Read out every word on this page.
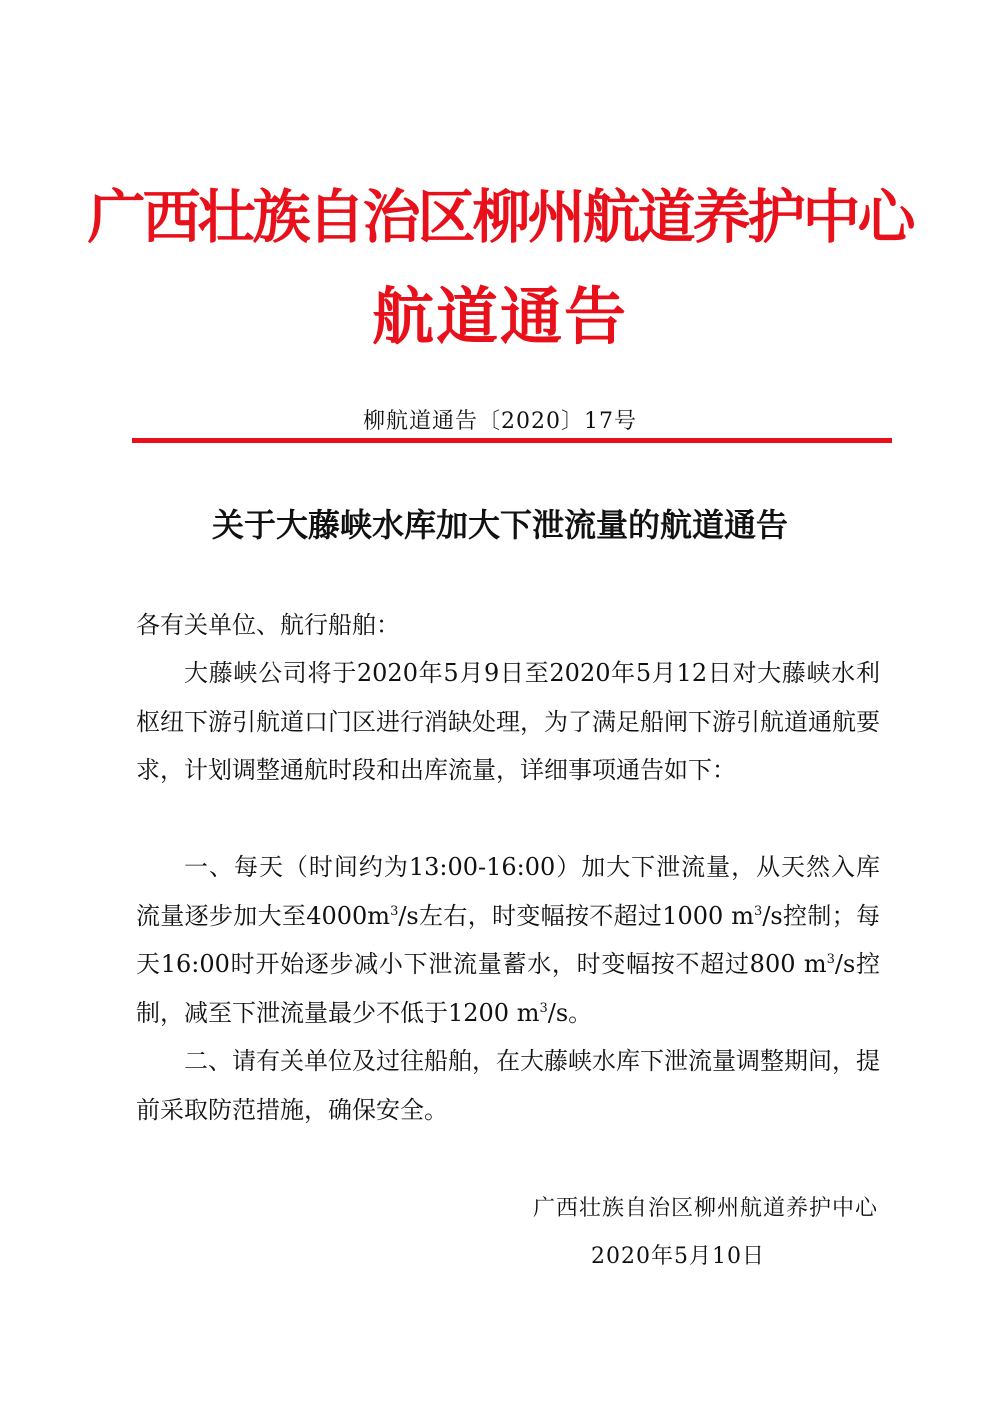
广西壮族自治区柳州航道养护中心
航道通告
柳航道通告〔2020〕17号
关于大藤峡水库加大下泄流量的航道通告
各有关单位、航行船舶：
大藤峡公司将于2020年5月9日至2020年5月12日对大藤峡水利枢纽下游引航道口门区进行消缺处理，为了满足船闸下游引航道通航要求，计划调整通航时段和出库流量，详细事项通告如下：
一、每天（时间约为13:00-16:00）加大下泄流量，从天然入库流量逐步加大至$4000m^3/s$左右，时变幅按不超过1000 $m^3/s$控制；每天16:00时开始逐步减小下泄流量蓄水，时变幅按不超过800 $m^3/s$控制，减至下泄流量最少不低于1200 $m^3/s$。
二、请有关单位及过往船舶，在大藤峡水库下泄流量调整期间，提前采取防范措施，确保安全。
广西壮族自治区柳州航道养护中心
2020年5月10日
